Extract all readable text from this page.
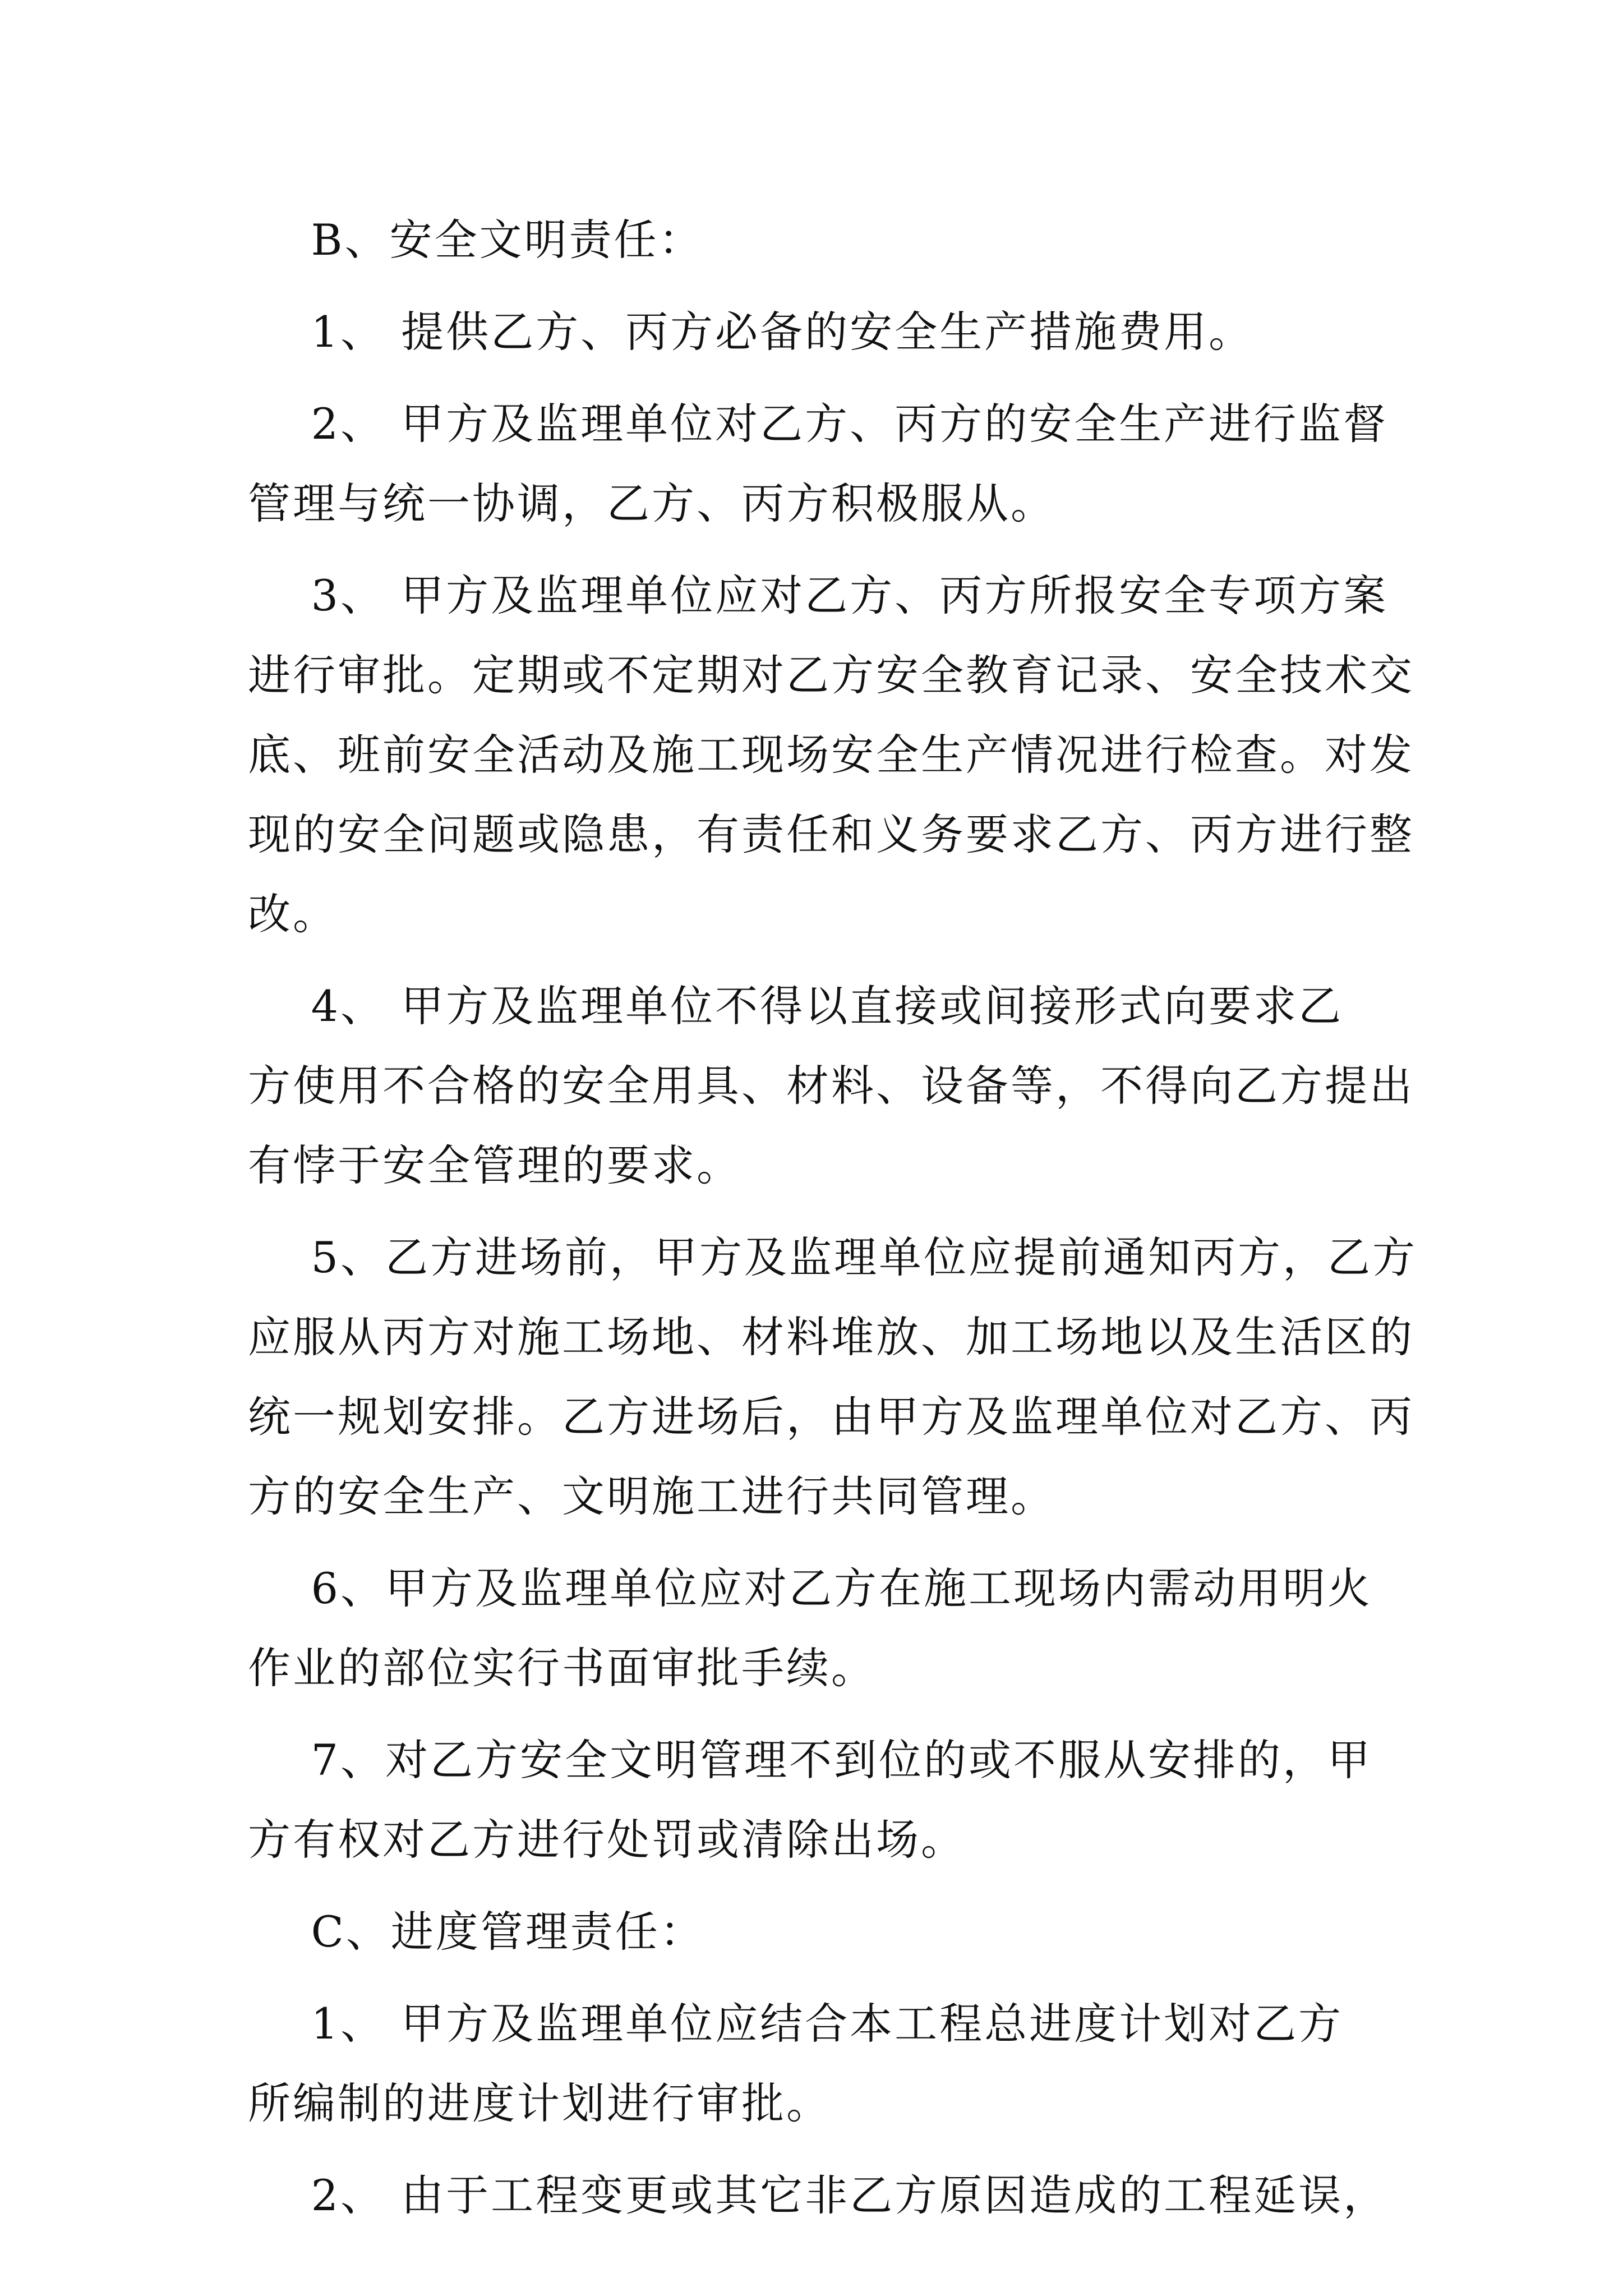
B、安全文明责任：
1、 提供乙方、丙方必备的安全生产措施费用。
2、 甲方及监理单位对乙方、丙方的安全生产进行监督
管理与统一协调，乙方、丙方积极服从。
3、 甲方及监理单位应对乙方、丙方所报安全专项方案
进行审批。定期或不定期对乙方安全教育记录、安全技术交
底、班前安全活动及施工现场安全生产情况进行检查。对发
现的安全问题或隐患，有责任和义务要求乙方、丙方进行整
改。
4、 甲方及监理单位不得以直接或间接形式向要求乙
方使用不合格的安全用具、材料、设备等，不得向乙方提出
有悖于安全管理的要求。
5、乙方进场前，甲方及监理单位应提前通知丙方，乙方
应服从丙方对施工场地、材料堆放、加工场地以及生活区的
统一规划安排。乙方进场后，由甲方及监理单位对乙方、丙
方的安全生产、文明施工进行共同管理。
6、甲方及监理单位应对乙方在施工现场内需动用明火
作业的部位实行书面审批手续。
7、对乙方安全文明管理不到位的或不服从安排的，甲
方有权对乙方进行处罚或清除出场。
C、进度管理责任：
1、 甲方及监理单位应结合本工程总进度计划对乙方
所编制的进度计划进行审批。
2、 由于工程变更或其它非乙方原因造成的工程延误，
